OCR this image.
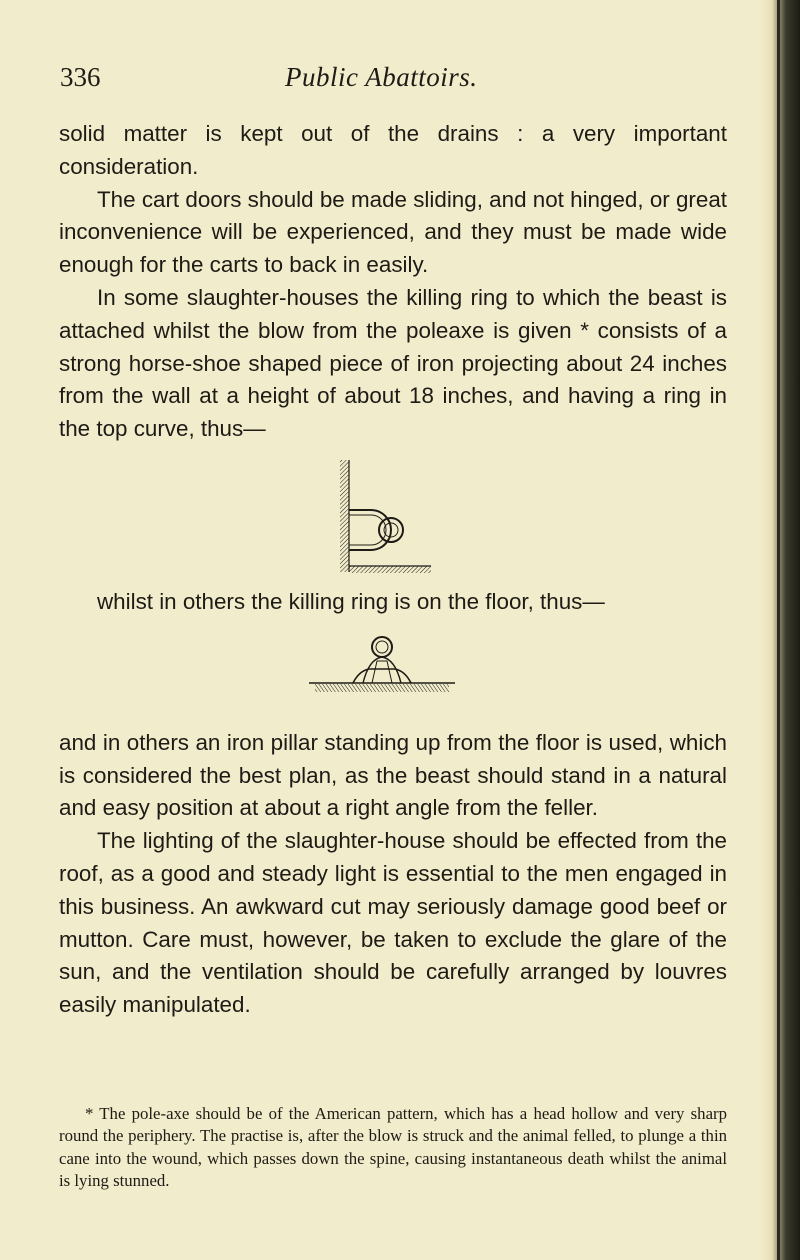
336	Public Abattoirs.

solid matter is kept out of the drains : a very important consideration.

The cart doors should be made sliding, and not hinged, or great inconvenience will be experienced, and they must be made wide enough for the carts to back in easily.

In some slaughter-houses the killing ring to which the beast is attached whilst the blow from the poleaxe is given * consists of a strong horse-shoe shaped piece of iron projecting about 24 inches from the wall at a height of about 18 inches, and having a ring in the top curve, thus—

whilst in others the killing ring is on the floor, thus—

and in others an iron pillar standing up from the floor is used, which is considered the best plan, as the beast should stand in a natural and easy position at about a right angle from the feller.

The lighting of the slaughter-house should be effected from the roof, as a good and steady light is essential to the men engaged in this business. An awkward cut may seriously damage good beef or mutton. Care must, however, be taken to exclude the glare of the sun, and the ventilation should be carefully arranged by louvres easily manipulated.

* The pole-axe should be of the American pattern, which has a head hollow and very sharp round the periphery. The practise is, after the blow is struck and the animal felled, to plunge a thin cane into the wound, which passes down the spine, causing instantaneous death whilst the animal is lying stunned.
